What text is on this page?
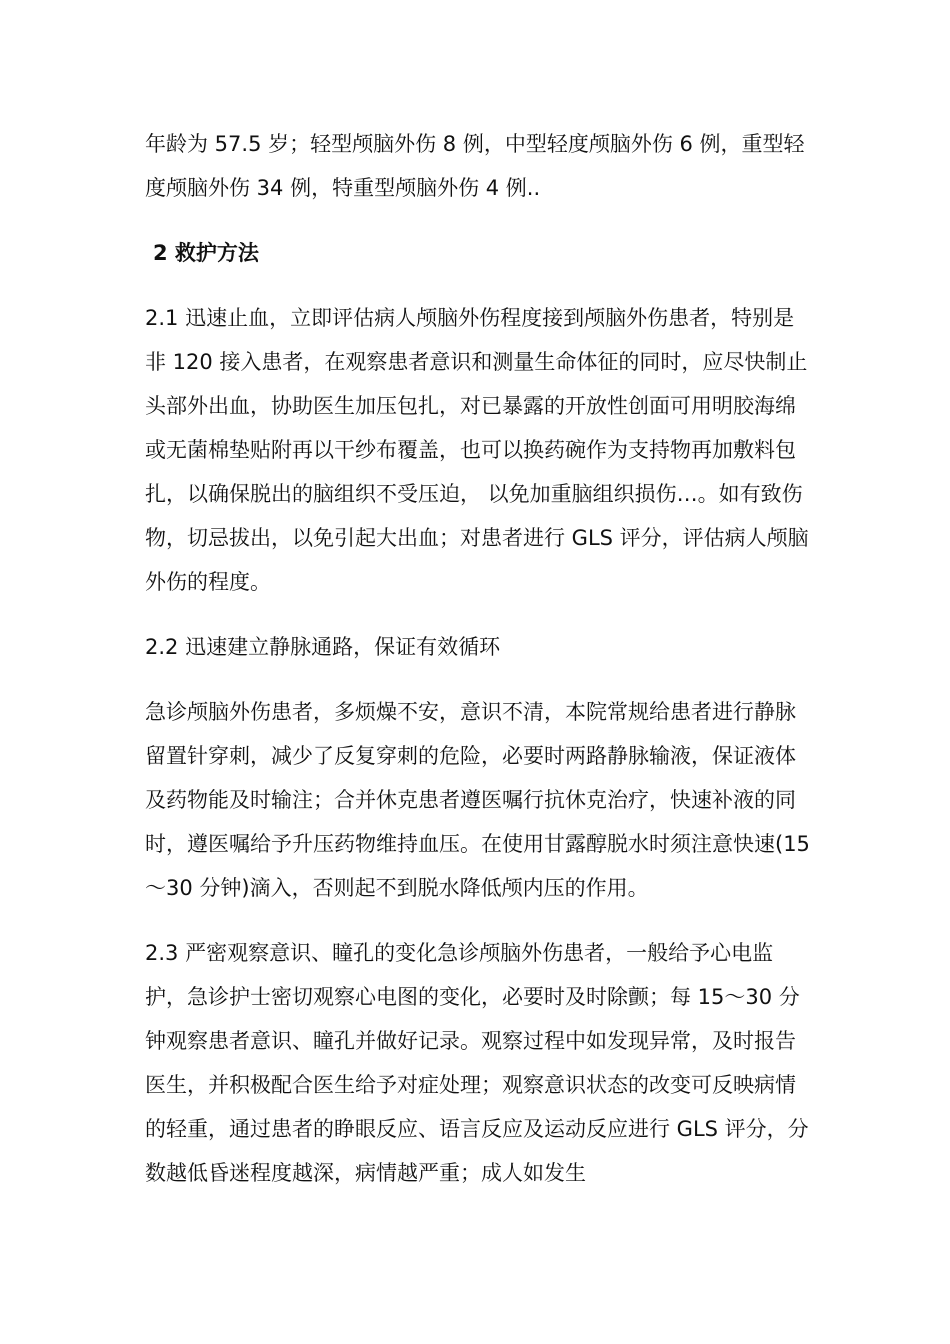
年龄为 57.5 岁；轻型颅脑外伤 8 例，中型轻度颅脑外伤 6 例，重型轻度颅脑外伤 34 例，特重型颅脑外伤 4 例..

2 救护方法

2.1 迅速止血，立即评估病人颅脑外伤程度接到颅脑外伤患者，特别是非 120 接入患者，在观察患者意识和测量生命体征的同时，应尽快制止头部外出血，协助医生加压包扎，对已暴露的开放性创面可用明胶海绵或无菌棉垫贴附再以干纱布覆盖，也可以换药碗作为支持物再加敷料包扎，以确保脱出的脑组织不受压迫， 以免加重脑组织损伤…。如有致伤物，切忌拔出，以免引起大出血；对患者进行 GLS 评分，评估病人颅脑外伤的程度。

2.2 迅速建立静脉通路，保证有效循环

急诊颅脑外伤患者，多烦燥不安，意识不清，本院常规给患者进行静脉留置针穿刺，减少了反复穿刺的危险，必要时两路静脉输液，保证液体及药物能及时输注；合并休克患者遵医嘱行抗休克治疗，快速补液的同时，遵医嘱给予升压药物维持血压。在使用甘露醇脱水时须注意快速(15～30 分钟)滴入，否则起不到脱水降低颅内压的作用。

2.3 严密观察意识、瞳孔的变化急诊颅脑外伤患者，一般给予心电监护，急诊护士密切观察心电图的变化，必要时及时除颤；每 15～30 分钟观察患者意识、瞳孔并做好记录。观察过程中如发现异常，及时报告医生，并积极配合医生给予对症处理；观察意识状态的改变可反映病情的轻重，通过患者的睁眼反应、语言反应及运动反应进行 GLS 评分，分数越低昏迷程度越深，病情越严重；成人如发生
